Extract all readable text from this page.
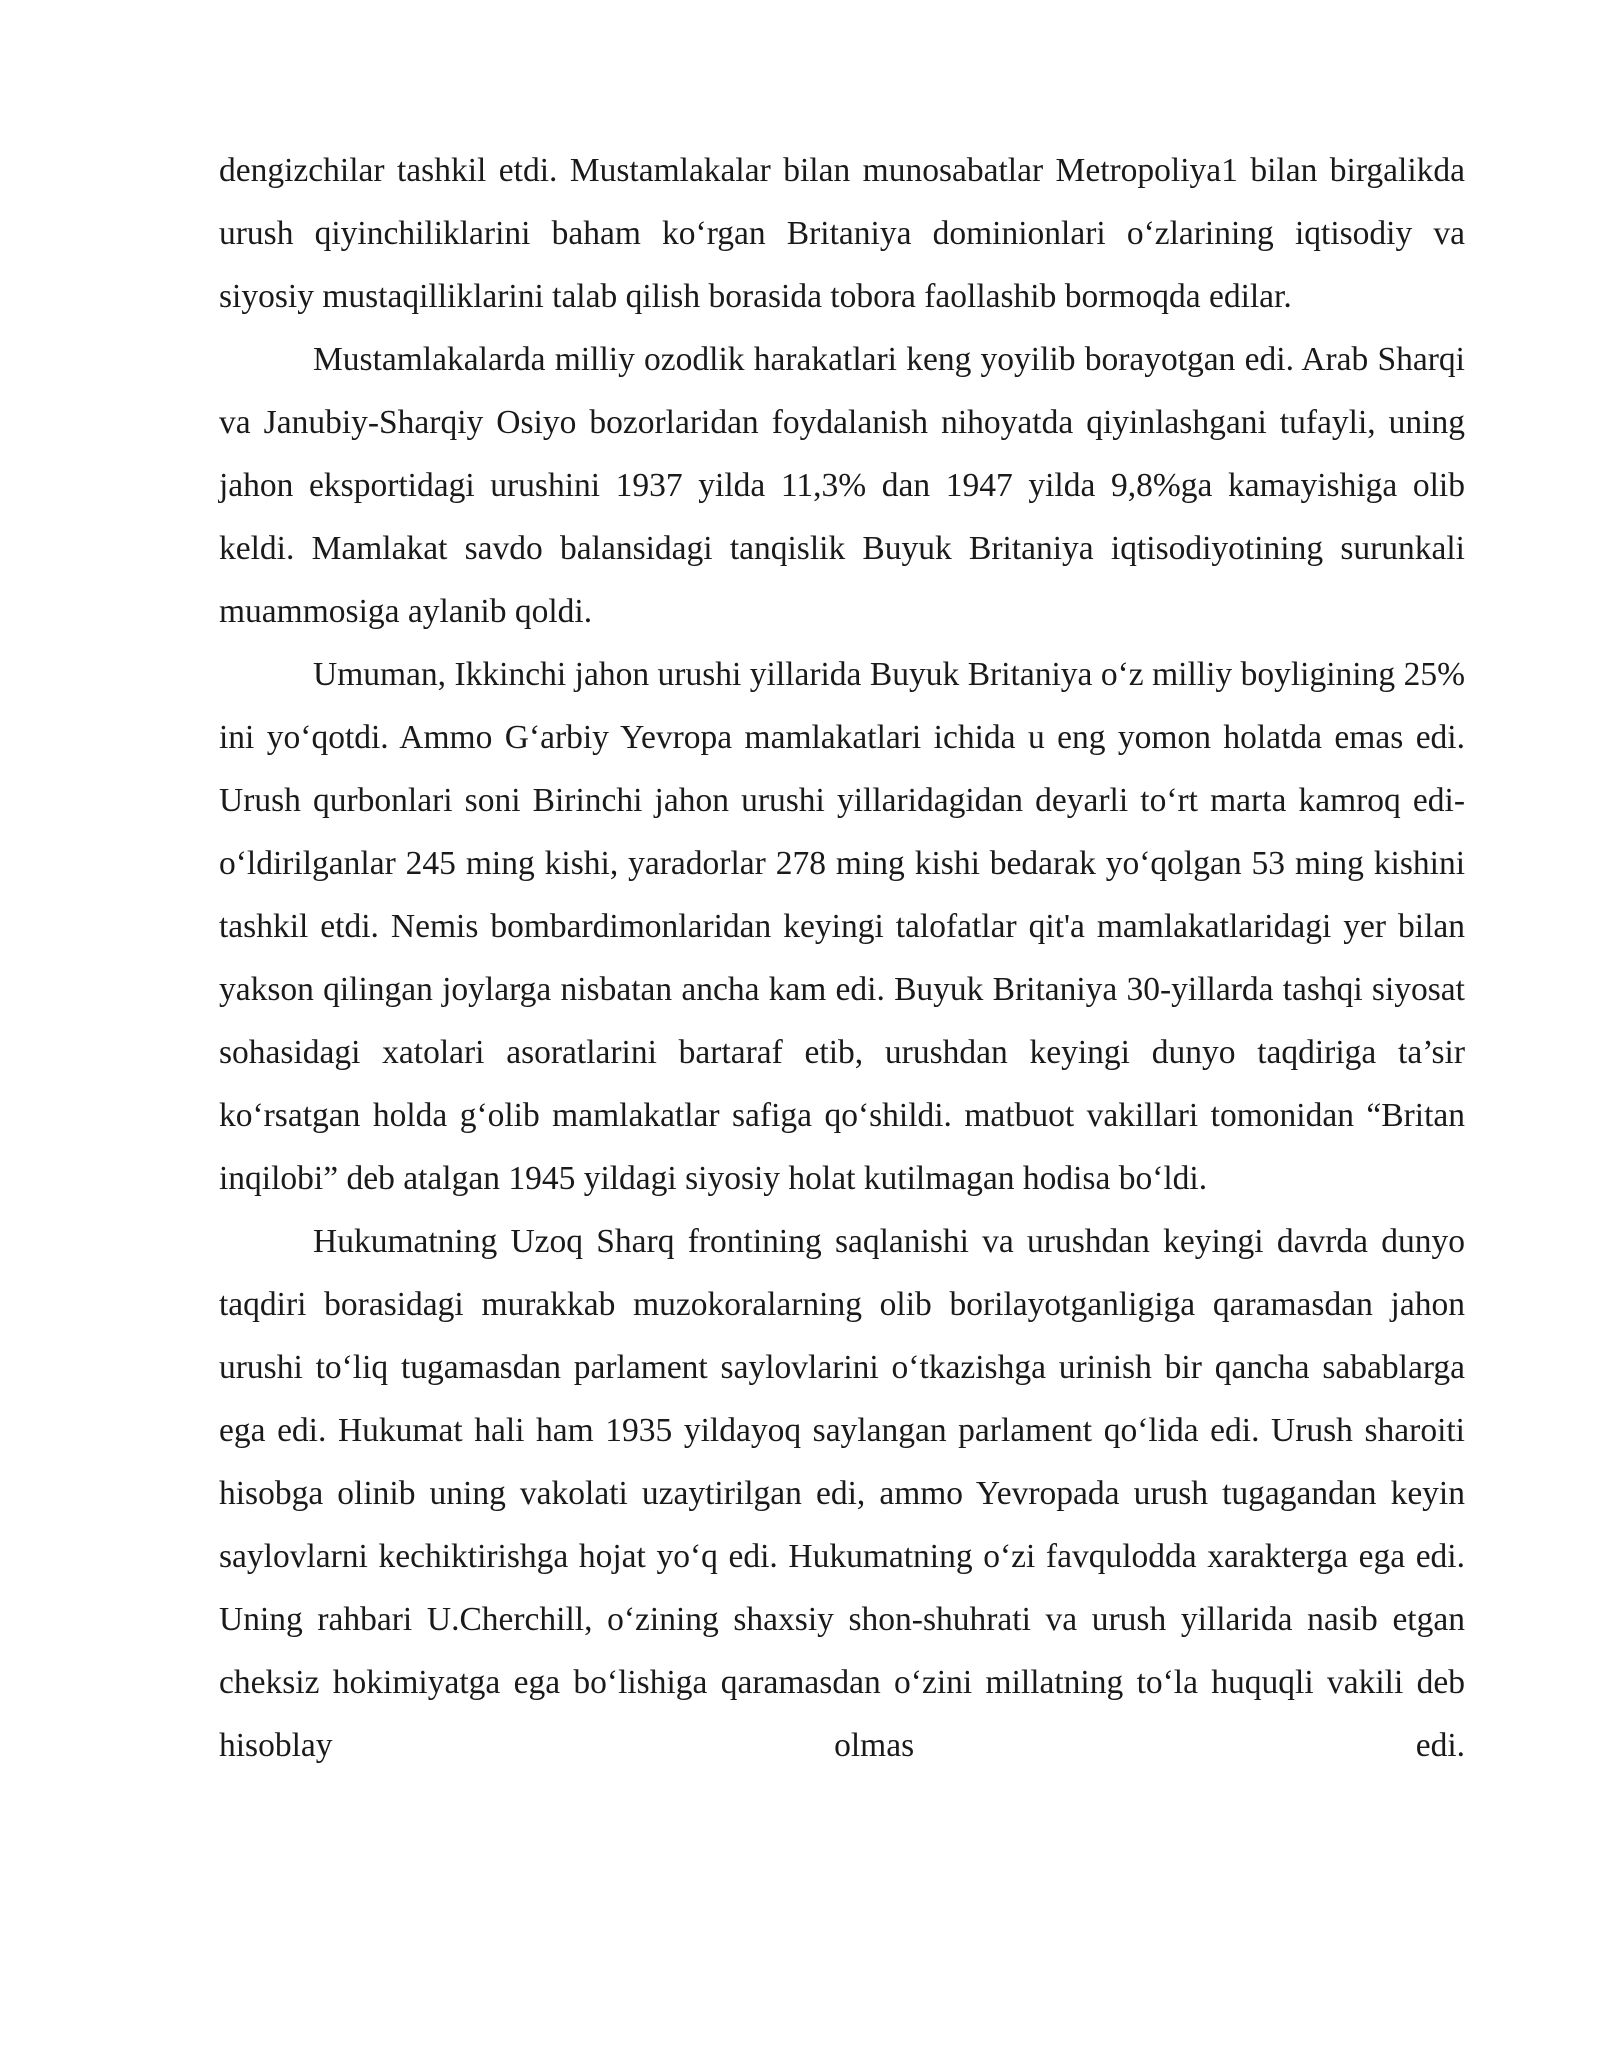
dengizchilar tashkil etdi. Mustamlakalar bilan munosabatlar Metropoliya1 bilan birgalikda urush qiyinchiliklarini baham ko‘rgan Britaniya dominionlari o‘zlarining iqtisodiy va siyosiy mustaqilliklarini talab qilish borasida tobora faollashib bormoqda edilar.

Mustamlakalarda milliy ozodlik harakatlari keng yoyilib borayotgan edi. Arab Sharqi va Janubiy-Sharqiy Osiyo bozorlaridan foydalanish nihoyatda qiyinlashgani tufayli, uning jahon eksportidagi urushini 1937 yilda 11,3% dan 1947 yilda 9,8%ga kamayishiga olib keldi. Mamlakat savdo balansidagi tanqislik Buyuk Britaniya iqtisodiyotining surunkali muammosiga aylanib qoldi.

Umuman, Ikkinchi jahon urushi yillarida Buyuk Britaniya o‘z milliy boyligining 25% ini yo‘qotdi. Ammo G‘arbiy Yevropa mamlakatlari ichida u eng yomon holatda emas edi. Urush qurbonlari soni Birinchi jahon urushi yillaridagidan deyarli to‘rt marta kamroq edi-o‘ldirilganlar 245 ming kishi, yaradorlar 278 ming kishi bedarak yo‘qolgan 53 ming kishini tashkil etdi. Nemis bombardimonlaridan keyingi talofatlar qit'a mamlakatlaridagi yer bilan yakson qilingan joylarga nisbatan ancha kam edi. Buyuk Britaniya 30-yillarda tashqi siyosat sohasidagi xatolari asoratlarini bartaraf etib, urushdan keyingi dunyo taqdiriga ta’sir ko‘rsatgan holda g‘olib mamlakatlar safiga qo‘shildi. matbuot vakillari tomonidan “Britan inqilobi” deb atalgan 1945 yildagi siyosiy holat kutilmagan hodisa bo‘ldi.

Hukumatning Uzoq Sharq frontining saqlanishi va urushdan keyingi davrda dunyo taqdiri borasidagi murakkab muzokoralarning olib borilayotganligiga qaramasdan jahon urushi to‘liq tugamasdan parlament saylovlarini o‘tkazishga urinish bir qancha sabablarga ega edi. Hukumat hali ham 1935 yildayoq saylangan parlament qo‘lida edi. Urush sharoiti hisobga olinib uning vakolati uzaytirilgan edi, ammo Yevropada urush tugagandan keyin saylovlarni kechiktirishga hojat yo‘q edi. Hukumatning o‘zi favqulodda xarakterga ega edi. Uning rahbari U.Cherchill, o‘zining shaxsiy shon-shuhrati va urush yillarida nasib etgan cheksiz hokimiyatga ega bo‘lishiga qaramasdan o‘zini millatning to‘la huquqli vakili deb hisoblay olmas edi.
